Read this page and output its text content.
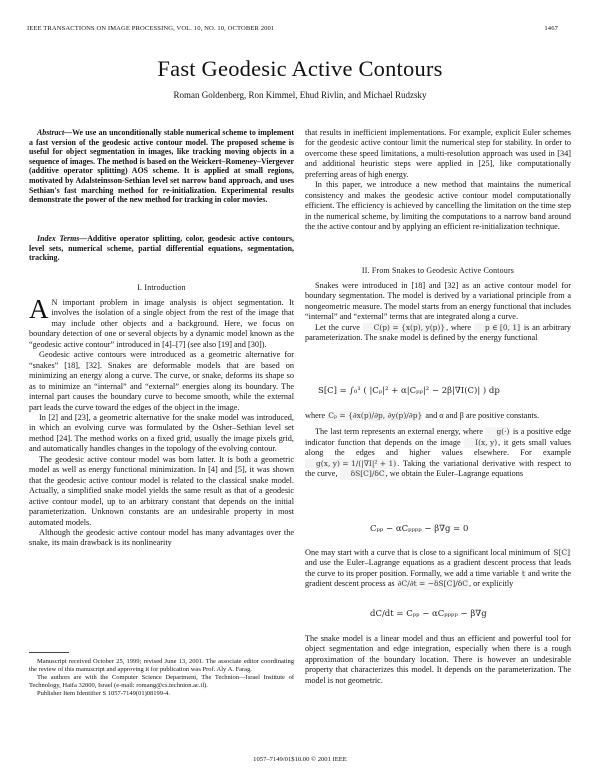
IEEE TRANSACTIONS ON IMAGE PROCESSING, VOL. 10, NO. 10, OCTOBER 2001	1467
Fast Geodesic Active Contours
Roman Goldenberg, Ron Kimmel, Ehud Rivlin, and Michael Rudzsky

Abstract—We use an unconditionally stable numerical scheme to implement a fast version of the geodesic active contour model. The proposed scheme is useful for object segmentation in images, like tracking moving objects in a sequence of images. The method is based on the Weickert–Romeney–Viergever (additive operator splitting) AOS scheme. It is applied at small regions, motivated by Adalsteinsson-Sethian level set narrow band approach, and uses Sethian's fast marching method for re-initialization. Experimental results demonstrate the power of the new method for tracking in color movies.

Index Terms—Additive operator splitting, color, geodesic active contours, level sets, numerical scheme, partial differential equations, segmentation, tracking.

I. Introduction

A N important problem in image analysis is object segmentation. It involves the isolation of a single object from the rest of the image that may include other objects and a background. Here, we focus on boundary detection of one or several objects by a dynamic model known as the “geodesic active contour” introduced in [4]–[7] (see also [19] and [30]).

Geodesic active contours were introduced as a geometric alternative for “snakes” [18], [32]. Snakes are deformable models that are based on minimizing an energy along a curve. The curve, or snake, deforms its shape so as to minimize an “internal” and “external” energies along its boundary. The internal part causes the boundary curve to become smooth, while the external part leads the curve toward the edges of the object in the image.

In [2] and [23], a geometric alternative for the snake model was introduced, in which an evolving curve was formulated by the Osher–Sethian level set method [24]. The method works on a fixed grid, usually the image pixels grid, and automatically handles changes in the topology of the evolving contour.

The geodesic active contour model was born latter. It is both a geometric model as well as energy functional minimization. In [4] and [5], it was shown that the geodesic active contour model is related to the classical snake model. Actually, a simplified snake model yields the same result as that of a geodesic active contour model, up to an arbitrary constant that depends on the initial parameterization. Unknown constants are an undesirable property in most automated models.

Although the geodesic active contour model has many advantages over the snake, its main drawback is its nonlinearity

Manuscript received October 25, 1999; revised June 13, 2001. The associate editor coordinating the review of this manuscript and approving it for publication was Prof. Aly A. Farag.

The authors are with the Computer Science Department, The Technion—Israel Institute of Technology, Haifa 32000, Israel (e-mail: romang@cs.technion.ac.il).

Publisher Item Identifier S 1057-7149(01)08199-4.

that results in inefficient implementations. For example, explicit Euler schemes for the geodesic active contour limit the numerical step for stability. In order to overcome these speed limitations, a multi-resolution approach was used in [34] and additional heuristic steps were applied in [25], like computationally preferring areas of high energy.

In this paper, we introduce a new method that maintains the numerical consistency and makes the geodesic active contour model computationally efficient. The efficiency is achieved by cancelling the limitation on the time step in the numerical scheme, by limiting the computations to a narrow band around the the active contour and by applying an efficient re-initialization technique.

II. From Snakes to Geodesic Active Contours

Snakes were introduced in [18] and [32] as an active contour model for boundary segmentation. The model is derived by a variational principle from a nongeometric measure. The model starts from an energy functional that includes “internal” and “external” terms that are integrated along a curve.

Let the curve C(p) = {x(p), y(p)}, where p ∈ [0, 1] is an arbitrary parameterization. The snake model is defined by the energy functional

S[C] = ∫₀¹ ( |Cₚ|² + α|Cₚₚ|² − 2β|∇I(C)| ) dp

where Cₚ = {∂x(p)/∂p, ∂y(p)/∂p} and α and β are positive constants.

The last term represents an external energy, where g(·) is a positive edge indicator function that depends on the image I(x, y), it gets small values along the edges and higher values elsewhere. For example g(x, y) = 1/(|∇I|² + 1). Taking the variational derivative with respect to the curve, δS[C]/δC, we obtain the Euler–Lagrange equations

Cₚₚ − αCₚₚₚₚ − β∇g = 0

One may start with a curve that is close to a significant local minimum of S[C] and use the Euler–Lagrange equations as a gradient descent process that leads the curve to its proper position. Formally, we add a time variable t and write the gradient descent process as ∂C/∂t = −δS[C]/δC, or explicitly

dC/dt = Cₚₚ − αCₚₚₚₚ − β∇g

The snake model is a linear model and thus an efficient and powerful tool for object segmentation and edge integration, especially when there is a rough approximation of the boundary location. There is however an undesirable property that characterizes this model. It depends on the parameterization. The model is not geometric.

1057–7149/01$10.00 © 2001 IEEE
